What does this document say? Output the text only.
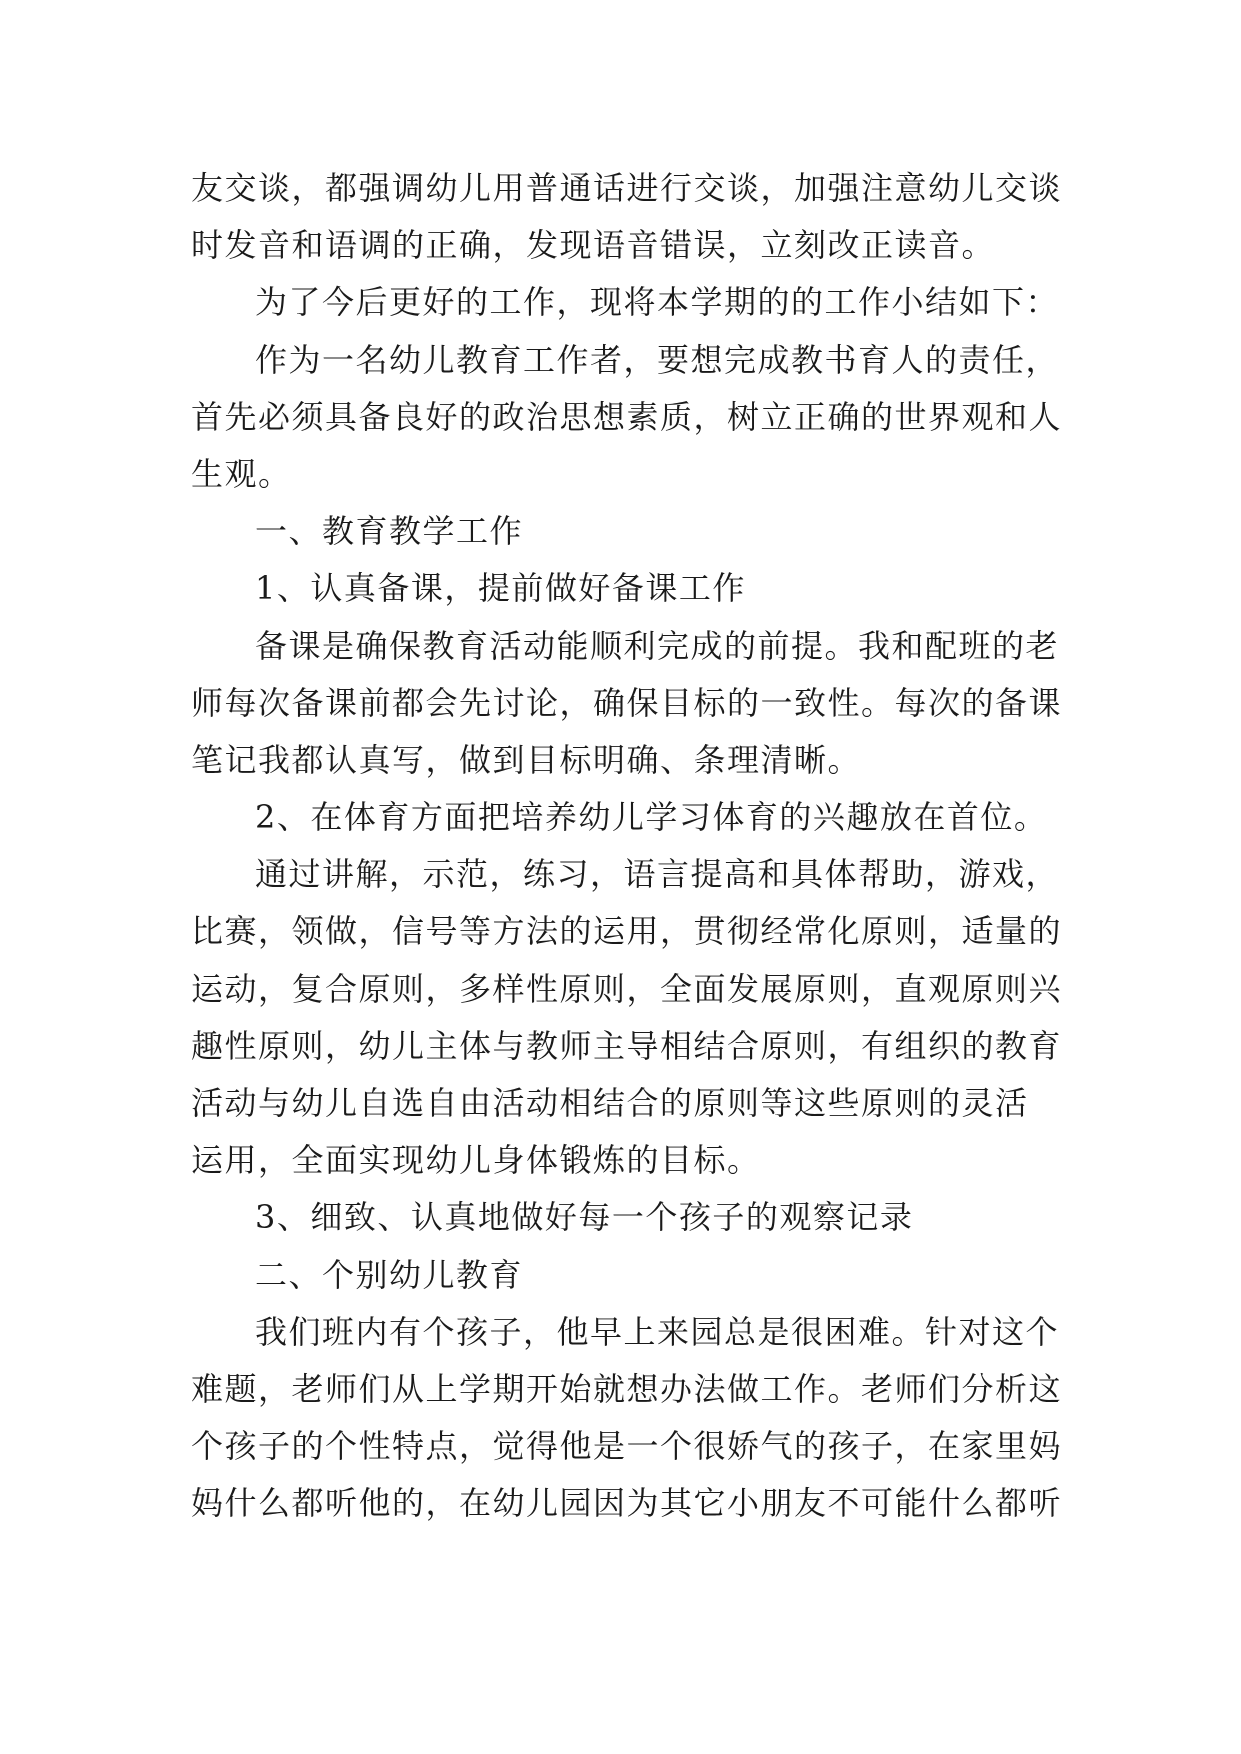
友交谈，都强调幼儿用普通话进行交谈，加强注意幼儿交谈
时发音和语调的正确，发现语音错误，立刻改正读音。
为了今后更好的工作，现将本学期的的工作小结如下：
作为一名幼儿教育工作者，要想完成教书育人的责任，
首先必须具备良好的政治思想素质，树立正确的世界观和人
生观。
一、教育教学工作
1、认真备课，提前做好备课工作
备课是确保教育活动能顺利完成的前提。我和配班的老
师每次备课前都会先讨论，确保目标的一致性。每次的备课
笔记我都认真写，做到目标明确、条理清晰。
2、在体育方面把培养幼儿学习体育的兴趣放在首位。
通过讲解，示范，练习，语言提高和具体帮助，游戏，
比赛，领做，信号等方法的运用，贯彻经常化原则，适量的
运动，复合原则，多样性原则，全面发展原则，直观原则兴
趣性原则，幼儿主体与教师主导相结合原则，有组织的教育
活动与幼儿自选自由活动相结合的原则等这些原则的灵活
运用，全面实现幼儿身体锻炼的目标。
3、细致、认真地做好每一个孩子的观察记录
二、个别幼儿教育
我们班内有个孩子，他早上来园总是很困难。针对这个
难题，老师们从上学期开始就想办法做工作。老师们分析这
个孩子的个性特点，觉得他是一个很娇气的孩子，在家里妈
妈什么都听他的，在幼儿园因为其它小朋友不可能什么都听
